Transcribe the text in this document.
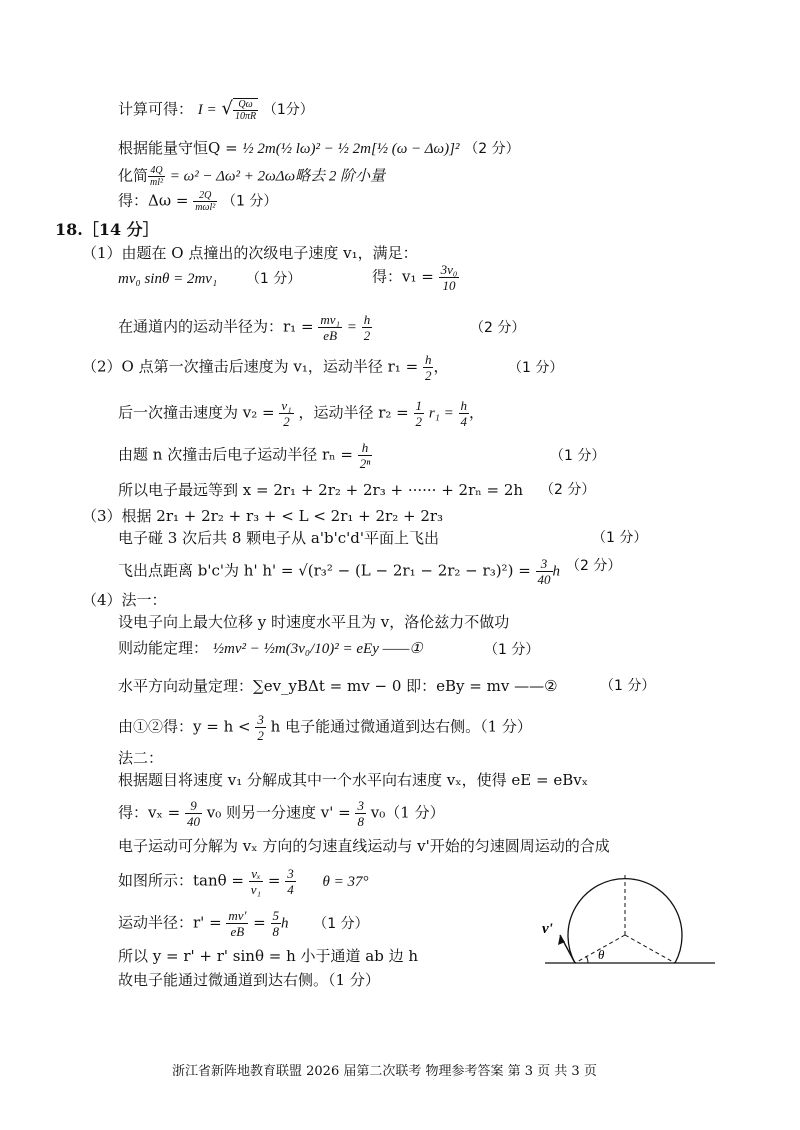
计算可得： I = √ $\frac{Q\omega}{10\pi R} (1$分）
根据能量守恒Q = ½ 2m(½ lω)² − ½ 2m[½ (ω − Δω)]² （2 分）
化简 $\frac{4Q}{\text{ml²}} = \omega^2 - \Delta\omega^2 + 2\omega\Delta\omega$略去 2 阶小量
得：$\Delta\omega = \frac{2Q}{\text{mωl²}} (1$ 分）
18.［14 分］
（1）由题在 O 点撞出的次级电子速度 v₁，满足：
mv₀ sinθ = 2mv₁ （1 分）	得：$v_1 = \frac{\text{3v₀}}{10}$
在通道内的运动半径为：$r_1 = \frac{\text{mv₁}}{eB} = \frac{h}{2}$	（2 分）
（2）O 点第一次撞击后速度为 v₁，运动半径 $r_1 = \frac{h}{2}$ ，	（1 分）
后一次撞击速度为 $v_2 = \frac{\text{v₁}}{2}$ ，运动半径 $r_2 = \frac{1}{2} r_1 = \frac{h}{4}$ ，
由题 n 次撞击后电子运动半径 $r_n = \frac{h}{\text{2ⁿ}}$	（1 分）
所以电子最远等到 x = 2r₁ + 2r₂ + 2r₃ + ······ + 2rₙ = 2h （2 分）
（3）根据 2r₁ + 2r₂ + r₃ + < L < 2r₁ + 2r₂ + 2r₃
电子碰 3 次后共 8 颗电子从 a'b'c'd'平面上飞出	（1 分）
飞出点距离 b'c'为 h' $h' = √(r_3^2 - (L - 2r_1 - 2r_2 - r_3)^2) = \frac{3}{40}$ h （2 分）
（4）法一：
设电子向上最大位移 y 时速度水平且为 v，洛伦兹力不做功
则动能定理： ½mv² − ½m(3v₀/10)² = eEy ——①	（1 分）
水平方向动量定理：∑ev_yBΔt = mv − 0 即：eBy = mv ——②	（1 分）
由①②得：$y = h < \frac{3}{2}$ h 电子能通过微通道到达右侧。（1 分）
法二：
根据题目将速度 v₁ 分解成其中一个水平向右速度 vₓ，使得 eE = eBvₓ
得：$v_x = \frac{9}{40} v_0$ 则另一分速度 $v' = \frac{3}{8} v_0(1$ 分）
电子运动可分解为 vₓ 方向的匀速直线运动与 v'开始的匀速圆周运动的合成
如图所示：$\tan\theta = \frac{\text{vₓ}}{\text{v₁}} = \frac{3}{4}$ θ = 37°
运动半径：$r' = \frac{mv'}{eB} = \frac{5}{8}$ h （1 分）
所以 y = r' + r' sinθ = h 小于通道 ab 边 h
故电子能通过微通道到达右侧。（1 分）
v'
θ
浙江省新阵地教育联盟 2026 届第二次联考 物理参考答案 第 3 页 共 3 页
